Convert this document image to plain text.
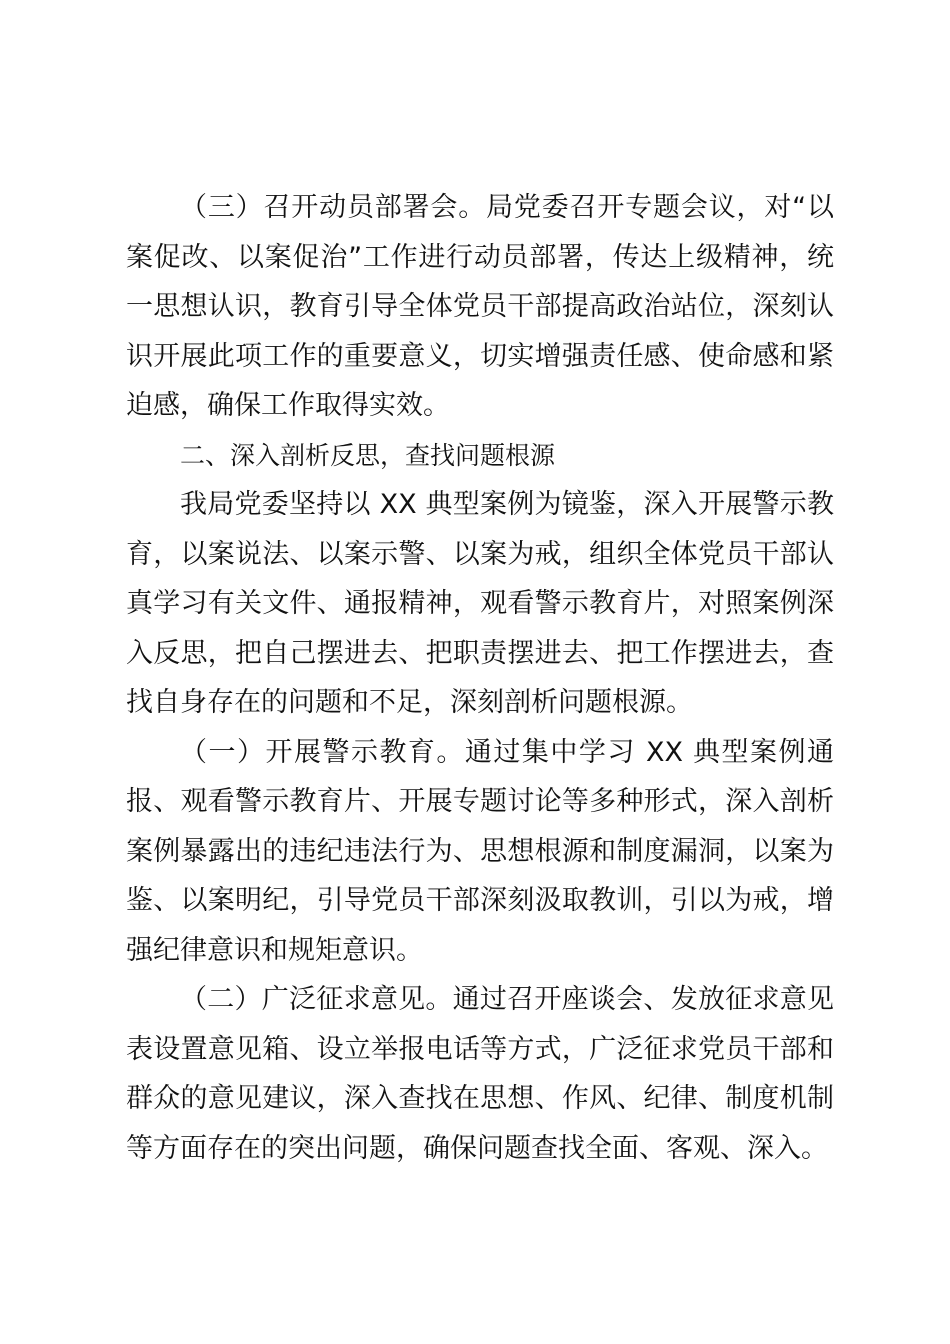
（三）召开动员部署会。局党委召开专题会议，对“以案促改、以案促治”工作进行动员部署，传达上级精神，统一思想认识，教育引导全体党员干部提高政治站位，深刻认识开展此项工作的重要意义，切实增强责任感、使命感和紧迫感，确保工作取得实效。

二、深入剖析反思，查找问题根源

我局党委坚持以 XX 典型案例为镜鉴，深入开展警示教育，以案说法、以案示警、以案为戒，组织全体党员干部认真学习有关文件、通报精神，观看警示教育片，对照案例深入反思，把自己摆进去、把职责摆进去、把工作摆进去，查找自身存在的问题和不足，深刻剖析问题根源。

（一）开展警示教育。通过集中学习 XX 典型案例通报、观看警示教育片、开展专题讨论等多种形式，深入剖析案例暴露出的违纪违法行为、思想根源和制度漏洞，以案为鉴、以案明纪，引导党员干部深刻汲取教训，引以为戒，增强纪律意识和规矩意识。

（二）广泛征求意见。通过召开座谈会、发放征求意见表设置意见箱、设立举报电话等方式，广泛征求党员干部和群众的意见建议，深入查找在思想、作风、纪律、制度机制等方面存在的突出问题，确保问题查找全面、客观、深入。
